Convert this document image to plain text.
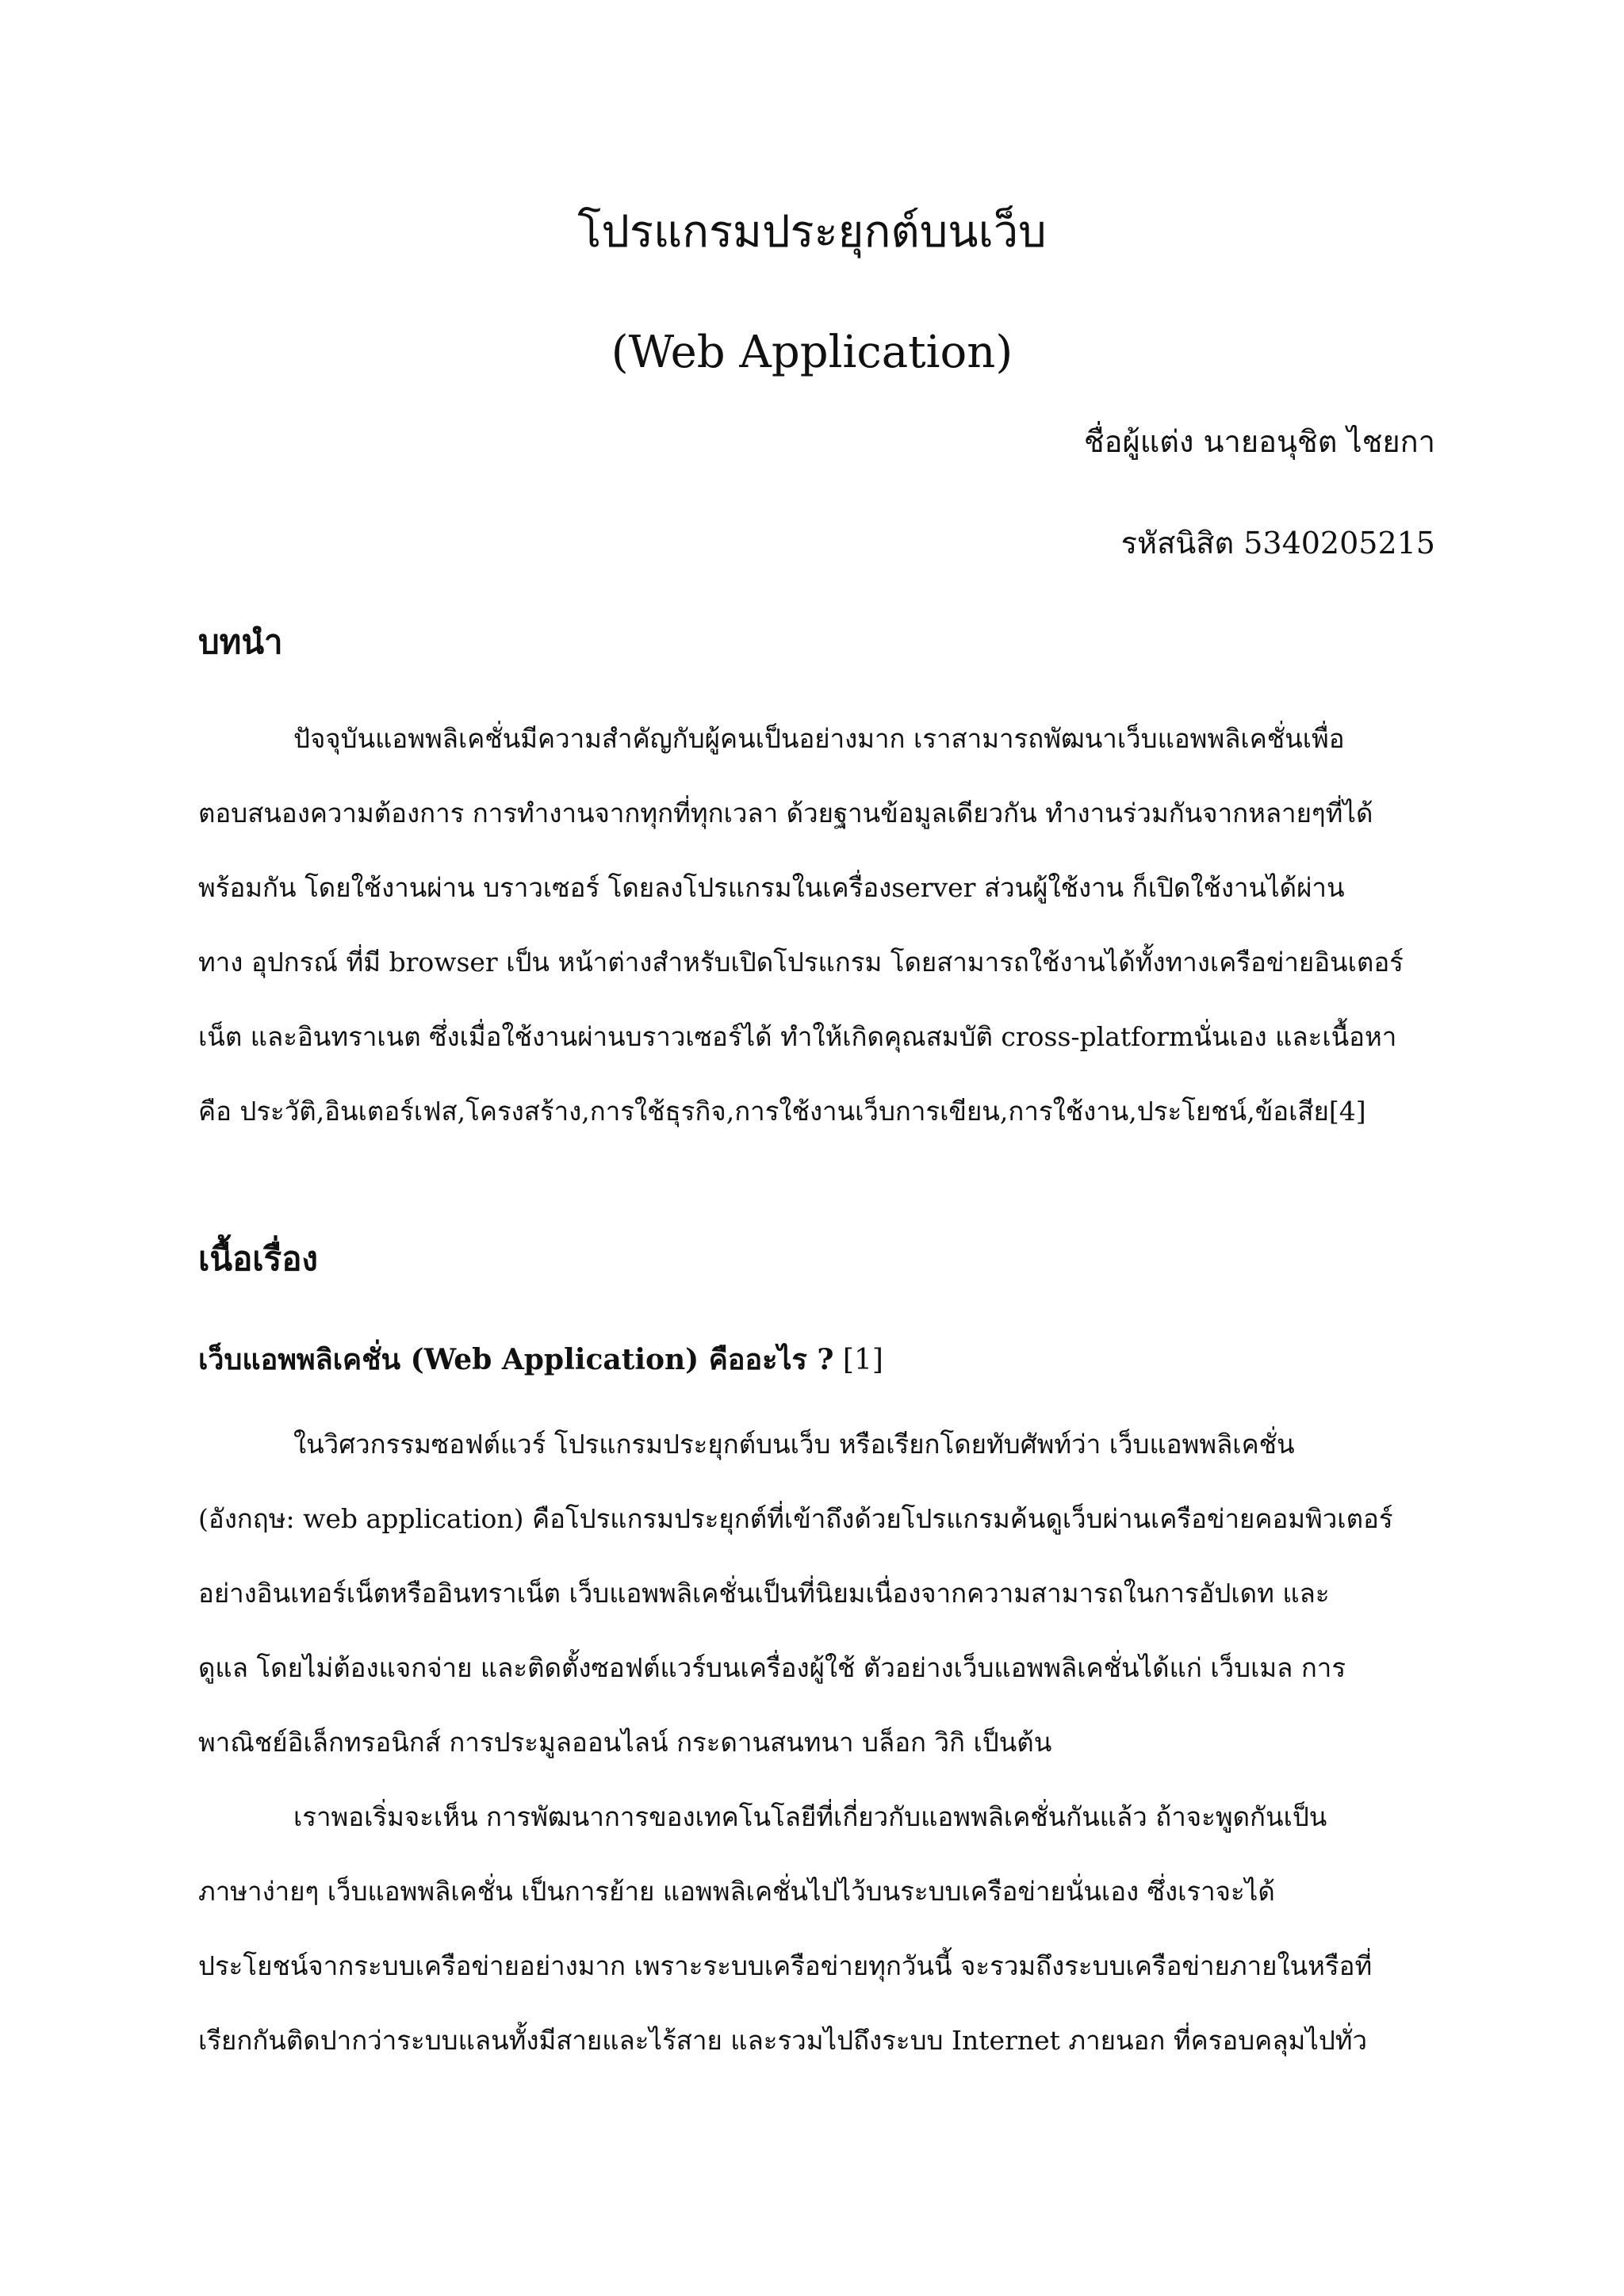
โปรแกรมประยุกต์บนเว็บ
(Web Application)
ชื่อผู้แต่ง นายอนุชิต ไชยกา
รหัสนิสิต 5340205215
บทนำ
ปัจจุบันแอพพลิเคชั่นมีความสำคัญกับผู้คนเป็นอย่างมาก เราสามารถพัฒนาเว็บแอพพลิเคชั่นเพื่อ
ตอบสนองความต้องการ การทำงานจากทุกที่ทุกเวลา ด้วยฐานข้อมูลเดียวกัน ทำงานร่วมกันจากหลายๆที่ได้
พร้อมกัน โดยใช้งานผ่าน บราวเซอร์ โดยลงโปรแกรมในเครื่องserver ส่วนผู้ใช้งาน ก็เปิดใช้งานได้ผ่าน
ทาง อุปกรณ์ ที่มี browser เป็น หน้าต่างสำหรับเปิดโปรแกรม โดยสามารถใช้งานได้ทั้งทางเครือข่ายอินเตอร์
เน็ต และอินทราเนต ซึ่งเมื่อใช้งานผ่านบราวเซอร์ได้ ทำให้เกิดคุณสมบัติ cross-platformนั่นเอง และเนื้อหา
คือ ประวัติ,อินเตอร์เฟส,โครงสร้าง,การใช้ธุรกิจ,การใช้งานเว็บการเขียน,การใช้งาน,ประโยชน์,ข้อเสีย[4]
เนื้อเรื่อง
เว็บแอพพลิเคชั่น (Web Application) คืออะไร ? [1]
ในวิศวกรรมซอฟต์แวร์ โปรแกรมประยุกต์บนเว็บ หรือเรียกโดยทับศัพท์ว่า เว็บแอพพลิเคชั่น
(อังกฤษ: web application) คือโปรแกรมประยุกต์ที่เข้าถึงด้วยโปรแกรมค้นดูเว็บผ่านเครือข่ายคอมพิวเตอร์
อย่างอินเทอร์เน็ตหรืออินทราเน็ต เว็บแอพพลิเคชั่นเป็นที่นิยมเนื่องจากความสามารถในการอัปเดท และ
ดูแล โดยไม่ต้องแจกจ่าย และติดตั้งซอฟต์แวร์บนเครื่องผู้ใช้ ตัวอย่างเว็บแอพพลิเคชั่นได้แก่ เว็บเมล การ
พาณิชย์อิเล็กทรอนิกส์ การประมูลออนไลน์ กระดานสนทนา บล็อก วิกิ เป็นต้น
เราพอเริ่มจะเห็น การพัฒนาการของเทคโนโลยีที่เกี่ยวกับแอพพลิเคชั่นกันแล้ว ถ้าจะพูดกันเป็น
ภาษาง่ายๆ เว็บแอพพลิเคชั่น เป็นการย้าย แอพพลิเคชั่นไปไว้บนระบบเครือข่ายนั่นเอง ซึ่งเราจะได้
ประโยชน์จากระบบเครือข่ายอย่างมาก เพราะระบบเครือข่ายทุกวันนี้ จะรวมถึงระบบเครือข่ายภายในหรือที่
เรียกกันติดปากว่าระบบแลนทั้งมีสายและไร้สาย และรวมไปถึงระบบ Internet ภายนอก ที่ครอบคลุมไปทั่ว
